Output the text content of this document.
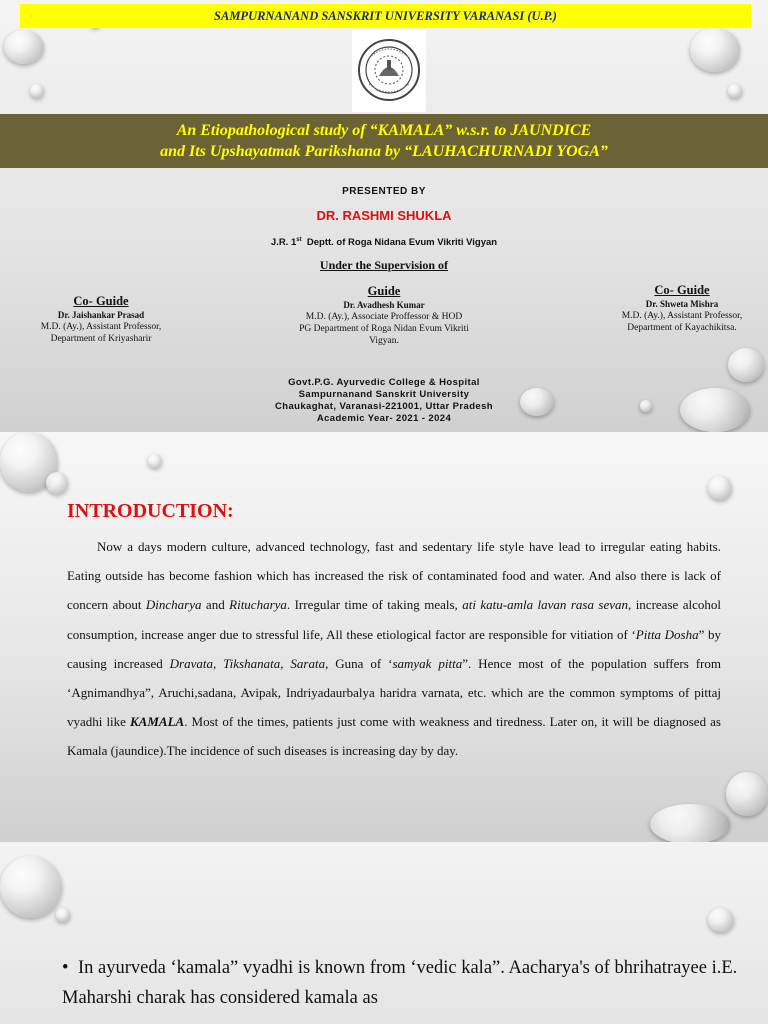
SAMPURNANAND SANSKRIT UNIVERSITY VARANASI (U.P.)
An Etiopathological study of “KAMALA” w.s.r. to JAUNDICE
and Its Upshayatmak Parikshana by “LAUHACHURNADI YOGA”
PRESENTED BY
DR. RASHMI SHUKLA
J.R. 1st  Deptt. of Roga Nidana Evum Vikriti Vigyan
Under the Supervision of
Co- Guide
Dr. Jaishankar Prasad
M.D. (Ay.), Assistant Professor,
Department of Kriyasharir
Guide
Dr. Avadhesh Kumar
M.D. (Ay.), Associate Proffessor & HOD
PG Department of Roga Nidan Evum Vikriti
Vigyan.
Co- Guide
Dr. Shweta Mishra
M.D. (Ay.), Assistant Professor,
Department of Kayachikitsa.
Govt.P.G. Ayurvedic College & Hospital
Sampurnanand Sanskrit University
Chaukaghat, Varanasi-221001, Uttar Pradesh
Academic Year- 2021 - 2024
INTRODUCTION:

Now a days modern culture, advanced technology, fast and sedentary life style have lead to irregular eating habits. Eating outside has become fashion which has increased the risk of contaminated food and water. And also there is lack of concern about Dincharya and Ritucharya. Irregular time of taking meals, ati katu-amla lavan rasa sevan, increase alcohol consumption, increase anger due to stressful life, All these etiological factor are responsible for vitiation of ‘Pitta Dosha” by causing increased Dravata, Tikshanata, Sarata, Guna of ‘samyak pitta”. Hence most of the population suffers from ‘Agnimandhya”, Aruchi,sadana, Avipak, Indriyadaurbalya haridra varnata, etc. which are the common symptoms of pittaj vyadhi like KAMALA. Most of the times, patients just come with weakness and tiredness. Later on, it will be diagnosed as Kamala (jaundice).The incidence of such diseases is increasing day by day.

• In ayurveda ‘kamala” vyadhi is known from ‘vedic kala”. Aacharya's of bhrihatrayee i.E. Maharshi charak has considered kamala as
